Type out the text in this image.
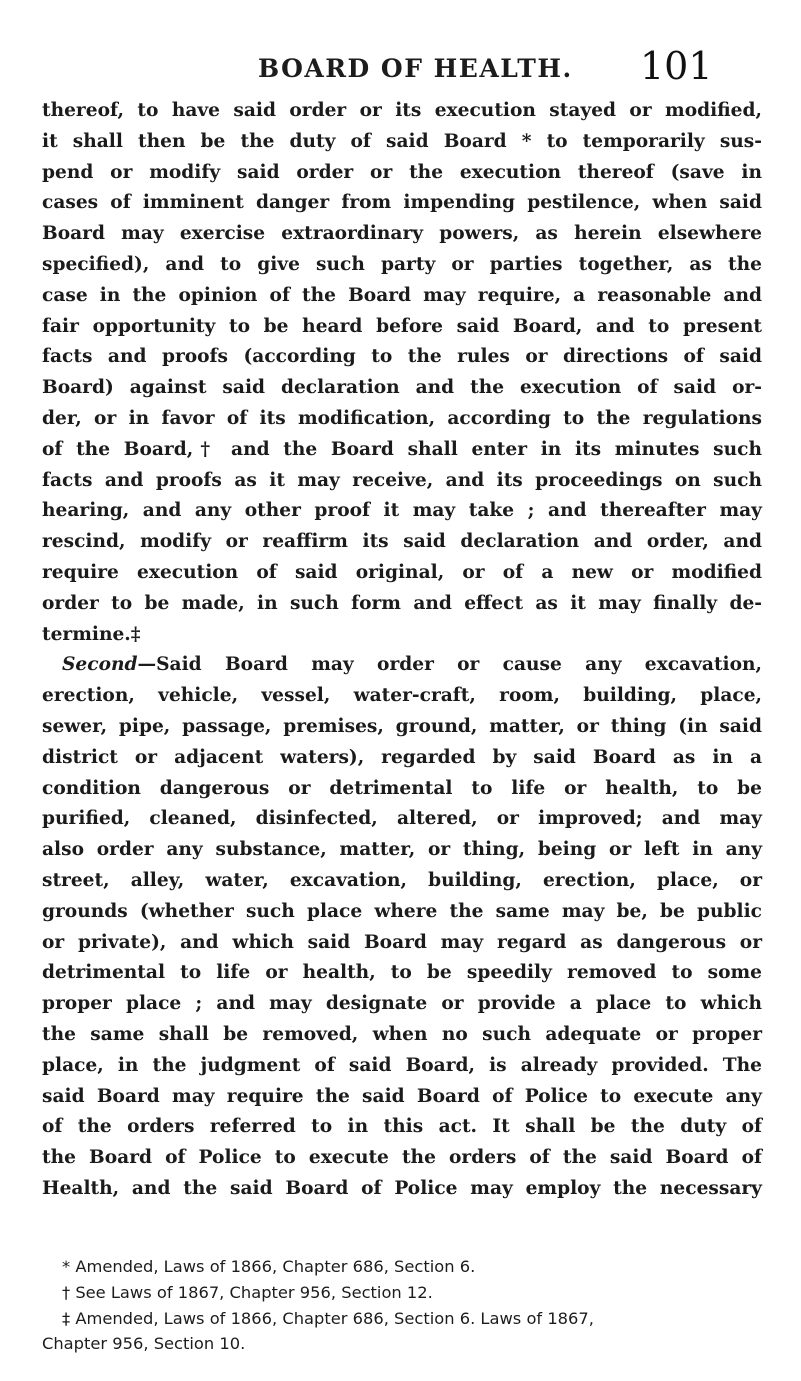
BOARD OF HEALTH. 101
thereof, to have said order or its execution stayed or modified,
it shall then be the duty of said Board * to temporarily sus-
pend or modify said order or the execution thereof (save in
cases of imminent danger from impending pestilence, when said
Board may exercise extraordinary powers, as herein elsewhere
specified), and to give such party or parties together, as the
case in the opinion of the Board may require, a reasonable and
fair opportunity to be heard before said Board, and to present
facts and proofs (according to the rules or directions of said
Board) against said declaration and the execution of said or-
der, or in favor of its modification, according to the regulations
of the Board,† and the Board shall enter in its minutes such
facts and proofs as it may receive, and its proceedings on such
hearing, and any other proof it may take ; and thereafter may
rescind, modify or reaffirm its said declaration and order, and
require execution of said original, or of a new or modified
order to be made, in such form and effect as it may finally de-
termine.‡
Second—Said Board may order or cause any excavation,
erection, vehicle, vessel, water-craft, room, building, place,
sewer, pipe, passage, premises, ground, matter, or thing (in said
district or adjacent waters), regarded by said Board as in a
condition dangerous or detrimental to life or health, to be
purified, cleaned, disinfected, altered, or improved; and may
also order any substance, matter, or thing, being or left in any
street, alley, water, excavation, building, erection, place, or
grounds (whether such place where the same may be, be public
or private), and which said Board may regard as dangerous or
detrimental to life or health, to be speedily removed to some
proper place ; and may designate or provide a place to which
the same shall be removed, when no such adequate or proper
place, in the judgment of said Board, is already provided. The
said Board may require the said Board of Police to execute any
of the orders referred to in this act. It shall be the duty of
the Board of Police to execute the orders of the said Board of
Health, and the said Board of Police may employ the necessary
* Amended, Laws of 1866, Chapter 686, Section 6.
† See Laws of 1867, Chapter 956, Section 12.
‡ Amended, Laws of 1866, Chapter 686, Section 6. Laws of 1867,
Chapter 956, Section 10.
